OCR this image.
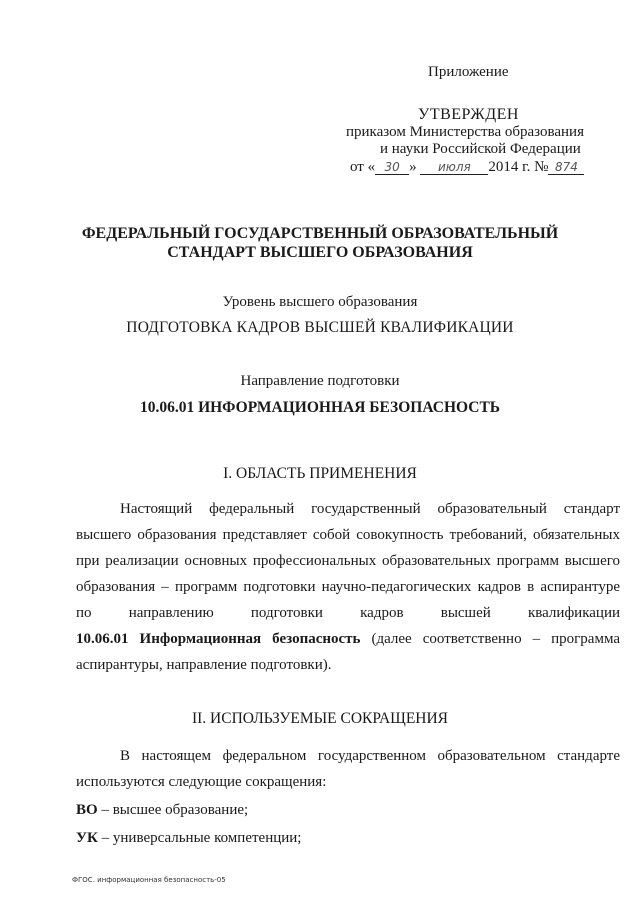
Приложение
УТВЕРЖДЕН
приказом Министерства образования
и науки Российской Федерации
от « 30 » июля 2014 г. № 874
ФЕДЕРАЛЬНЫЙ ГОСУДАРСТВЕННЫЙ ОБРАЗОВАТЕЛЬНЫЙ
СТАНДАРТ ВЫСШЕГО ОБРАЗОВАНИЯ
Уровень высшего образования
ПОДГОТОВКА КАДРОВ ВЫСШЕЙ КВАЛИФИКАЦИИ
Направление подготовки
10.06.01 ИНФОРМАЦИОННАЯ БЕЗОПАСНОСТЬ
I. ОБЛАСТЬ ПРИМЕНЕНИЯ
Настоящий федеральный государственный образовательный стандарт
высшего образования представляет собой совокупность требований, обязательных
при реализации основных профессиональных образовательных программ высшего
образования – программ подготовки научно-педагогических кадров в аспирантуре
по направлению подготовки кадров высшей квалификации
10.06.01 Информационная безопасность (далее соответственно – программа
аспирантуры, направление подготовки).
II. ИСПОЛЬЗУЕМЫЕ СОКРАЩЕНИЯ
В настоящем федеральном государственном образовательном стандарте
используются следующие сокращения:
ВО – высшее образование;
УК – универсальные компетенции;
ФГОС. информационная безопасность-05
